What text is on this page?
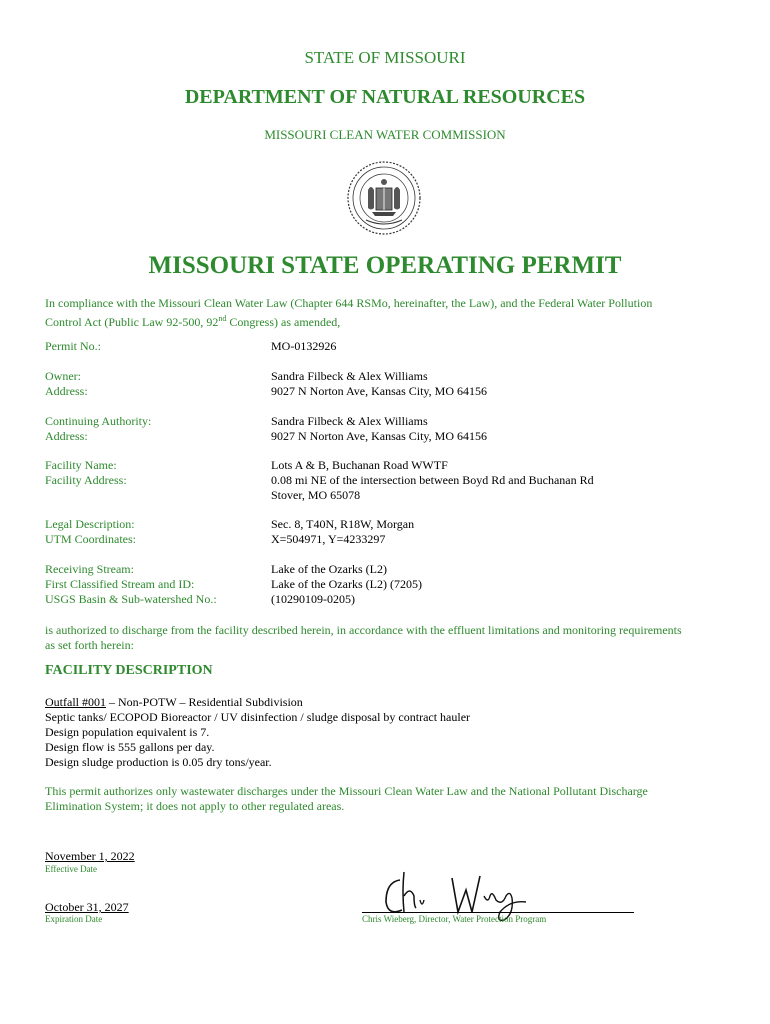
STATE OF MISSOURI
DEPARTMENT OF NATURAL RESOURCES
MISSOURI CLEAN WATER COMMISSION
MISSOURI STATE OPERATING PERMIT
In compliance with the Missouri Clean Water Law (Chapter 644 RSMo, hereinafter, the Law), and the Federal Water Pollution
Control Act (Public Law 92-500, 92nd Congress) as amended,
Permit No.:	MO-0132926
Owner:
Address:
Sandra Filbeck & Alex Williams
9027 N Norton Ave, Kansas City, MO 64156
Continuing Authority:
Address:
Sandra Filbeck & Alex Williams
9027 N Norton Ave, Kansas City, MO 64156
Facility Name:
Facility Address:
Lots A & B, Buchanan Road WWTF
0.08 mi NE of the intersection between Boyd Rd and Buchanan Rd
Stover, MO 65078
Legal Description:
UTM Coordinates:
Sec. 8, T40N, R18W, Morgan
X=504971, Y=4233297
Receiving Stream:
First Classified Stream and ID:
USGS Basin & Sub-watershed No.:
Lake of the Ozarks (L2)
Lake of the Ozarks (L2) (7205)
(10290109-0205)
is authorized to discharge from the facility described herein, in accordance with the effluent limitations and monitoring requirements
as set forth herein:
FACILITY DESCRIPTION
Outfall #001 – Non-POTW – Residential Subdivision
Septic tanks/ ECOPOD Bioreactor / UV disinfection / sludge disposal by contract hauler
Design population equivalent is 7.
Design flow is 555 gallons per day.
Design sludge production is 0.05 dry tons/year.
This permit authorizes only wastewater discharges under the Missouri Clean Water Law and the National Pollutant Discharge
Elimination System; it does not apply to other regulated areas.
November 1, 2022
Effective Date
October 31, 2027
Expiration Date	Chris Wieberg, Director, Water Protection Program
